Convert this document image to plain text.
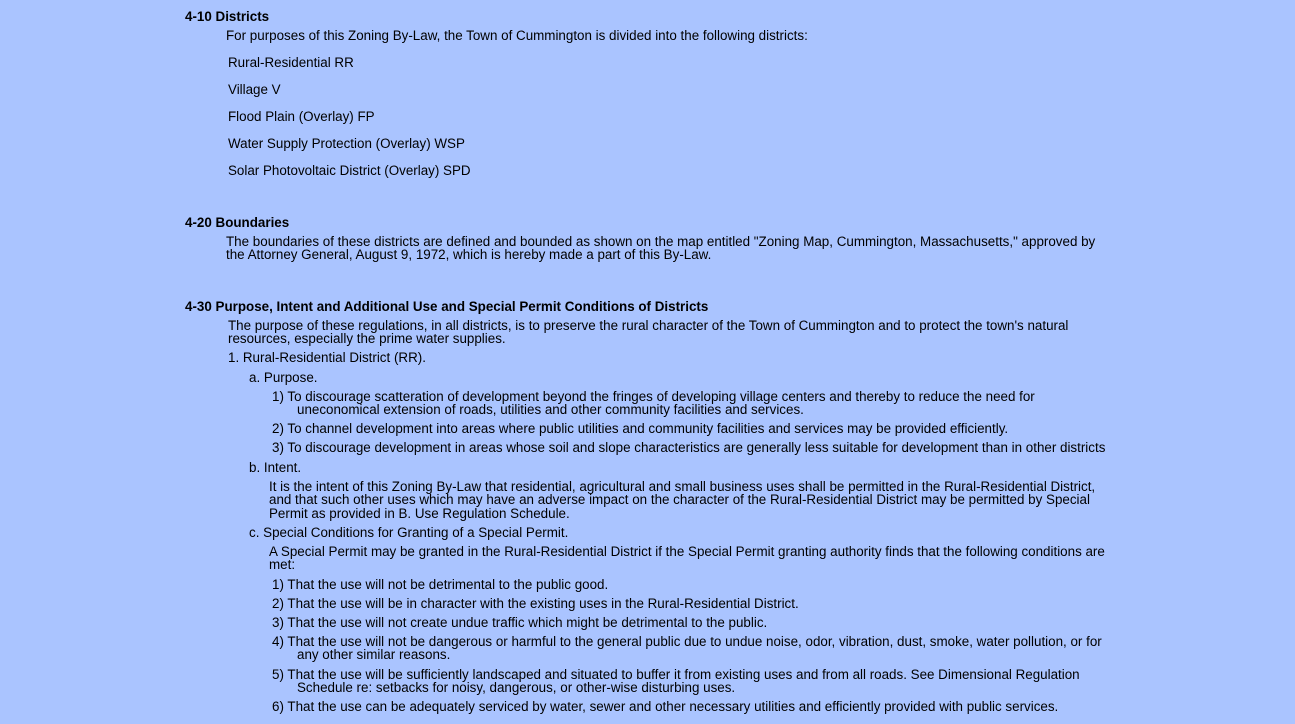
4-10 Districts
For purposes of this Zoning By-Law, the Town of Cummington is divided into the following districts:
Rural-Residential RR
Village V
Flood Plain (Overlay) FP
Water Supply Protection (Overlay) WSP
Solar Photovoltaic District (Overlay) SPD
4-20 Boundaries
The boundaries of these districts are defined and bounded as shown on the map entitled "Zoning Map, Cummington, Massachusetts," approved by
the Attorney General, August 9, 1972, which is hereby made a part of this By-Law.
4-30 Purpose, Intent and Additional Use and Special Permit Conditions of Districts
The purpose of these regulations, in all districts, is to preserve the rural character of the Town of Cummington and to protect the town's natural
resources, especially the prime water supplies.
1. Rural-Residential District (RR).
a. Purpose.
1) To discourage scatteration of development beyond the fringes of developing village centers and thereby to reduce the need for
uneconomical extension of roads, utilities and other community facilities and services.
2) To channel development into areas where public utilities and community facilities and services may be provided efficiently.
3) To discourage development in areas whose soil and slope characteristics are generally less suitable for development than in other districts
b. Intent.
It is the intent of this Zoning By-Law that residential, agricultural and small business uses shall be permitted in the Rural-Residential District,
and that such other uses which may have an adverse impact on the character of the Rural-Residential District may be permitted by Special
Permit as provided in B. Use Regulation Schedule.
c. Special Conditions for Granting of a Special Permit.
A Special Permit may be granted in the Rural-Residential District if the Special Permit granting authority finds that the following conditions are
met:
1) That the use will not be detrimental to the public good.
2) That the use will be in character with the existing uses in the Rural-Residential District.
3) That the use will not create undue traffic which might be detrimental to the public.
4) That the use will not be dangerous or harmful to the general public due to undue noise, odor, vibration, dust, smoke, water pollution, or for
any other similar reasons.
5) That the use will be sufficiently landscaped and situated to buffer it from existing uses and from all roads. See Dimensional Regulation
Schedule re: setbacks for noisy, dangerous, or other-wise disturbing uses.
6) That the use can be adequately serviced by water, sewer and other necessary utilities and efficiently provided with public services.
